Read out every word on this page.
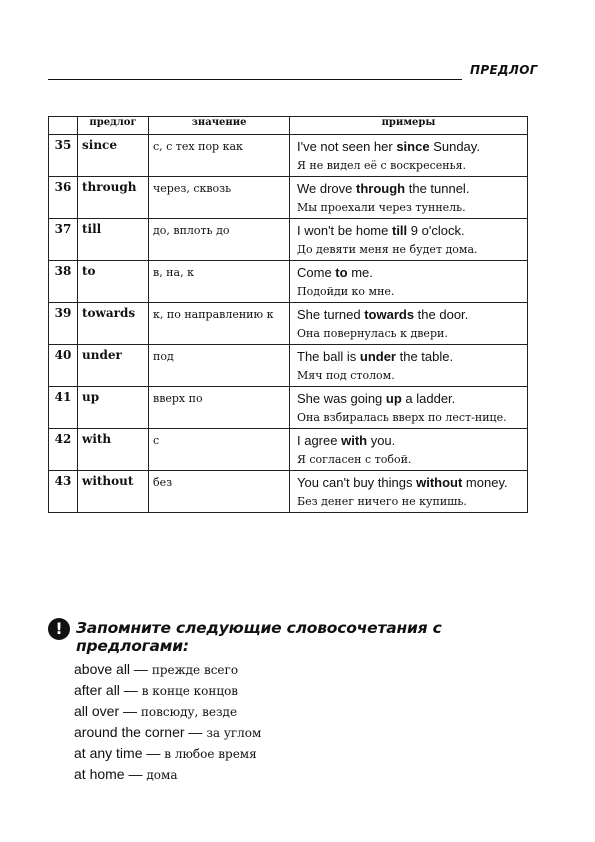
ПРЕДЛОГ
	предлог	значение	примеры
35	since	с, с тех пор как	I've not seen her since Sunday.
Я не видел её с воскресенья.

36	through	через, сквозь	We drove through the tunnel.
Мы проехали через туннель.

37	till	до, вплоть до	I won't be home till 9 o'clock.
До девяти меня не будет дома.

38	to	в, на, к	Come to me.
Подойди ко мне.

39	towards	к, по направлению к	She turned towards the door.
Она повернулась к двери.

40	under	под	The ball is under the table.
Мяч под столом.

41	up	вверх по	She was going up a ladder.
Она взбиралась вверх по лест-нице.

42	with	с	I agree with you.
Я согласен с тобой.

43	without	без	You can't buy things without money.
Без денег ничего не купишь.
! Запомните следующие словосочетания с предлогами:
above all — прежде всего
after all — в конце концов
all over — повсюду, везде
around the corner — за углом
at any time — в любое время
at home — дома
